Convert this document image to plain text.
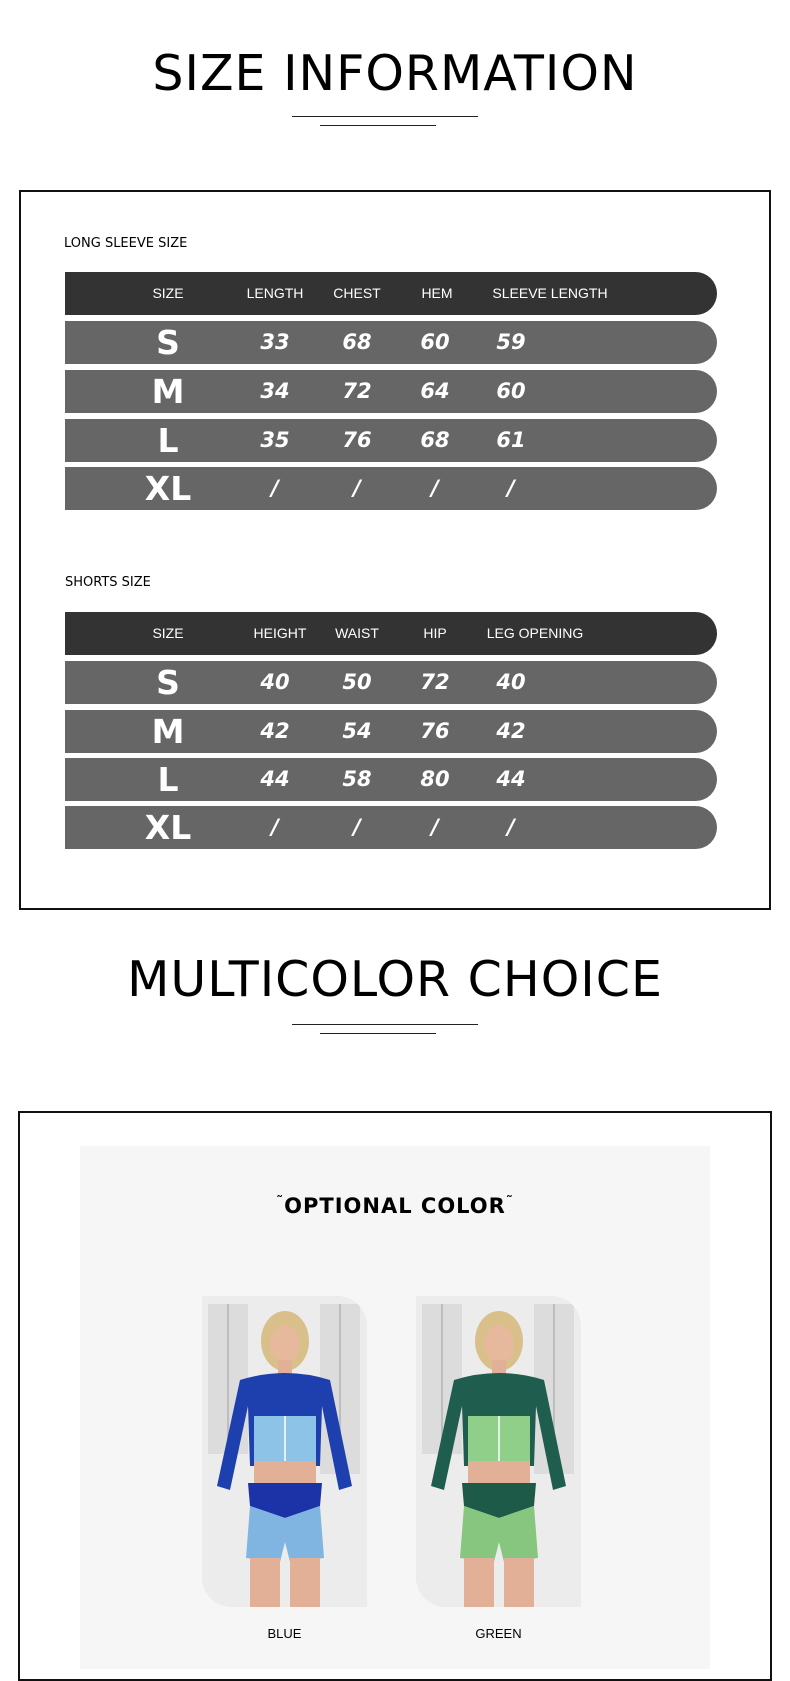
SIZE INFORMATION
LONG SLEEVE SIZE
SIZE	LENGTH	CHEST	HEM	SLEEVE LENGTH
S	33	68	60	59
M	34	72	64	60
L	35	76	68	61
XL	/	/	/	/
SHORTS SIZE
SIZE	HEIGHT	WAIST	HIP	LEG OPENING
S	40	50	72	40
M	42	54	76	42
L	44	58	80	44
XL	/	/	/	/
MULTICOLOR CHOICE
˜OPTIONAL COLOR˜
BLUE	GREEN
